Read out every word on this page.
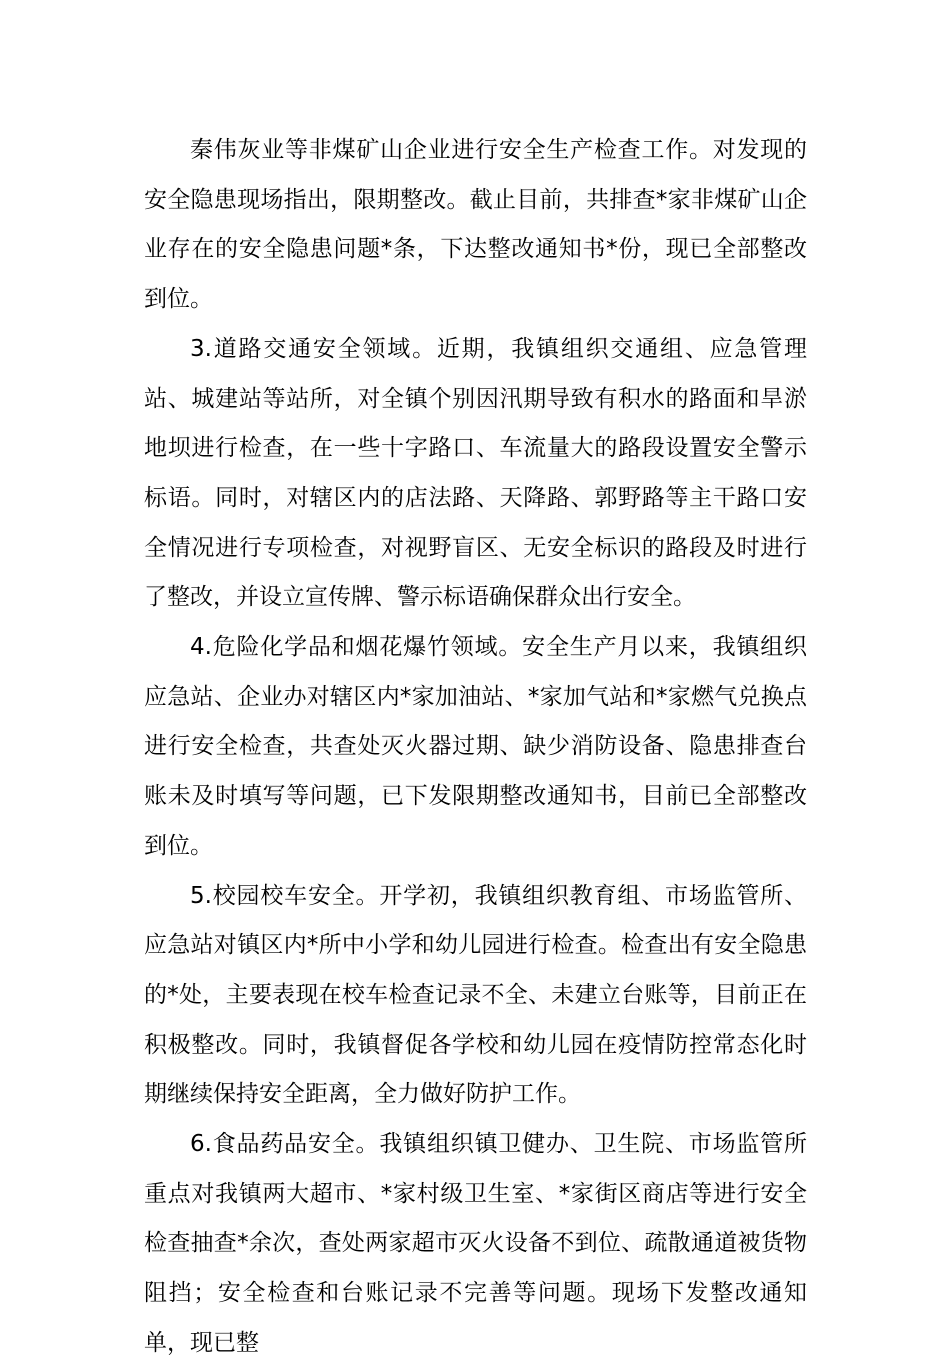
秦伟灰业等非煤矿山企业进行安全生产检查工作。对发现的安全隐患现场指出，限期整改。截止目前，共排查*家非煤矿山企业存在的安全隐患问题*条，下达整改通知书*份，现已全部整改到位。

3.道路交通安全领域。近期，我镇组织交通组、应急管理站、城建站等站所，对全镇个别因汛期导致有积水的路面和旱淤地坝进行检查，在一些十字路口、车流量大的路段设置安全警示标语。同时，对辖区内的店法路、天降路、郭野路等主干路口安全情况进行专项检查，对视野盲区、无安全标识的路段及时进行了整改，并设立宣传牌、警示标语确保群众出行安全。

4.危险化学品和烟花爆竹领域。安全生产月以来，我镇组织应急站、企业办对辖区内*家加油站、*家加气站和*家燃气兑换点进行安全检查，共查处灭火器过期、缺少消防设备、隐患排查台账未及时填写等问题，已下发限期整改通知书，目前已全部整改到位。

5.校园校车安全。开学初，我镇组织教育组、市场监管所、应急站对镇区内*所中小学和幼儿园进行检查。检查出有安全隐患的*处，主要表现在校车检查记录不全、未建立台账等，目前正在积极整改。同时，我镇督促各学校和幼儿园在疫情防控常态化时期继续保持安全距离，全力做好防护工作。

6.食品药品安全。我镇组织镇卫健办、卫生院、市场监管所重点对我镇两大超市、*家村级卫生室、*家街区商店等进行安全检查抽查*余次，查处两家超市灭火设备不到位、疏散通道被货物阻挡；安全检查和台账记录不完善等问题。现场下发整改通知单，现已整
